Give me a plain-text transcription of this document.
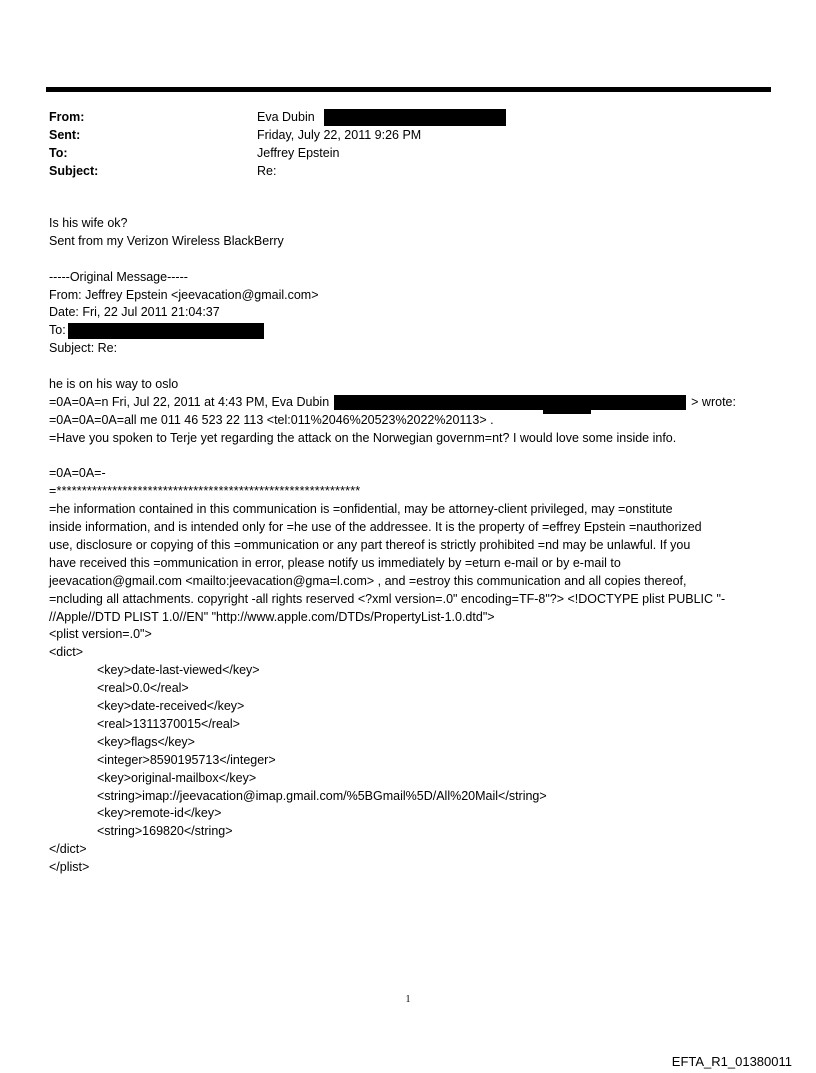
From:	Eva Dubin
Sent:	Friday, July 22, 2011 9:26 PM
To:	Jeffrey Epstein
Subject:	Re:
Is his wife ok?
Sent from my Verizon Wireless BlackBerry
-----Original Message-----
From: Jeffrey Epstein <jeevacation@gmail.com>
Date: Fri, 22 Jul 2011 21:04:37
To:
Subject: Re:
he is on his way to oslo
=0A=0A=n Fri, Jul 22, 2011 at 4:43 PM, Eva Dubin	> wrote:
=0A=0A=0A=all me 011 46 523 22 113 <tel:011%2046%20523%2022%20113> .
=Have you spoken to Terje yet regarding the attack on the Norwegian governm=nt? I would love some inside info.
=0A=0A=-
=************************************************************
=he information contained in this communication is =onfidential, may be attorney-client privileged, may =onstitute
inside information, and is intended only for =he use of the addressee. It is the property of =effrey Epstein =nauthorized
use, disclosure or copying of this =ommunication or any part thereof is strictly prohibited =nd may be unlawful. If you
have received this =ommunication in error, please notify us immediately by =eturn e-mail or by e-mail to
jeevacation@gmail.com <mailto:jeevacation@gma=l.com> , and =estroy this communication and all copies thereof,
=ncluding all attachments. copyright -all rights reserved <?xml version=.0" encoding=TF-8"?> <!DOCTYPE plist PUBLIC "-
//Apple//DTD PLIST 1.0//EN" "http://www.apple.com/DTDs/PropertyList-1.0.dtd">
<plist version=.0">
<dict>
<key>date-last-viewed</key>
<real>0.0</real>
<key>date-received</key>
<real>1311370015</real>
<key>flags</key>
<integer>8590195713</integer>
<key>original-mailbox</key>
<string>imap://jeevacation@imap.gmail.com/%5BGmail%5D/All%20Mail</string>
<key>remote-id</key>
<string>169820</string>
</dict>
</plist>
1
EFTA_R1_01380011
